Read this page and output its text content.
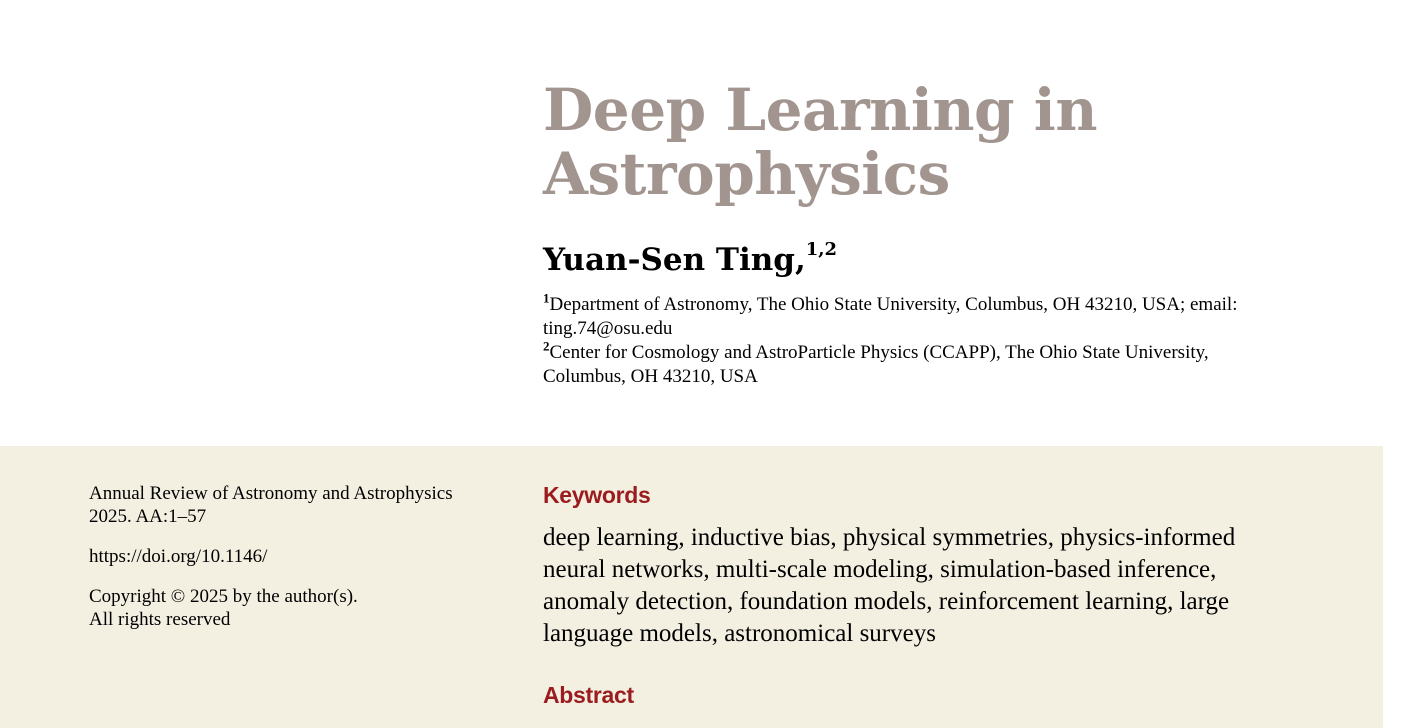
Deep Learning in Astrophysics
Yuan-Sen Ting,$^{1,2}$

$^1$Department of Astronomy, The Ohio State University, Columbus, OH 43210, USA; email: ting.74@osu.edu

$^2$Center for Cosmology and AstroParticle Physics (CCAPP), The Ohio State University, Columbus, OH 43210, USA

Annual Review of Astronomy and Astrophysics 2025. AA:1–57

https://doi.org/10.1146/

Copyright © 2025 by the author(s).
All rights reserved

Keywords

deep learning, inductive bias, physical symmetries, physics-informed neural networks, multi-scale modeling, simulation-based inference, anomaly detection, foundation models, reinforcement learning, large language models, astronomical surveys

Abstract
